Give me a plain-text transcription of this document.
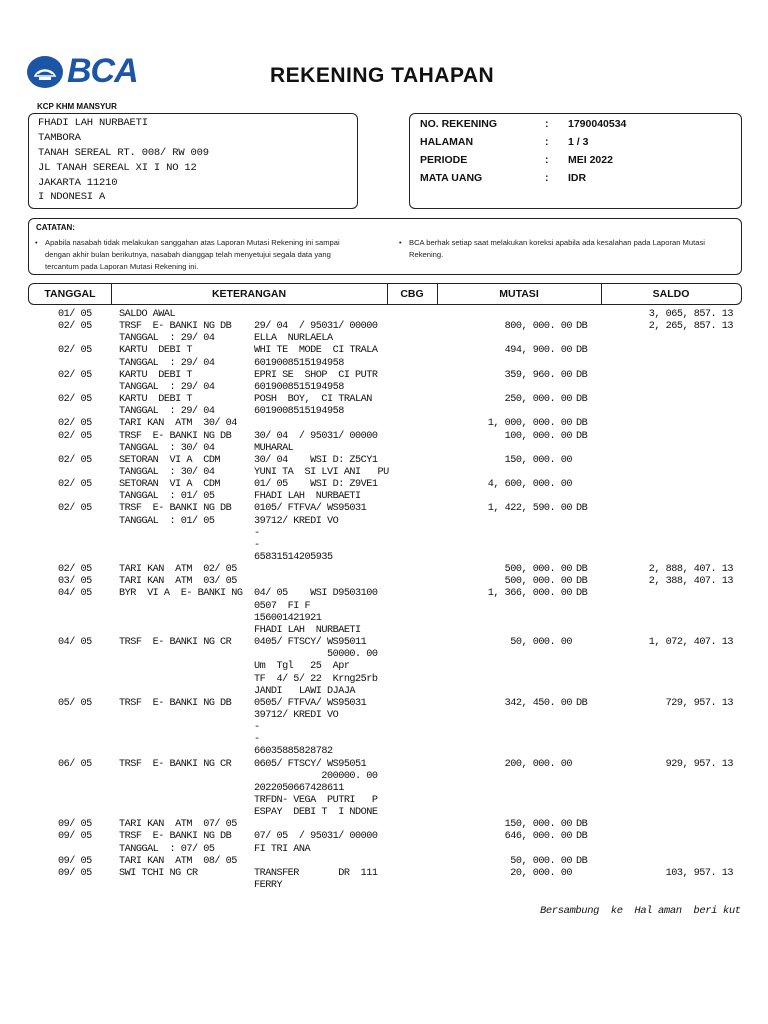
BCA	REKENING TAHAPAN
KCP KHM MANSYUR
FHADI LAH NURBAETI
TAMBORA
TANAH SEREAL RT. 008/ RW 009
JL TANAH SEREAL XI I NO 12
JAKARTA 11210
I NDONESI A
NO. REKENING	: 1790040534
HALAMAN	: 1 / 3
PERIODE	: MEI 2022
MATA UANG	: IDR
CATATAN:
• Apabila nasabah tidak melakukan sanggahan atas Laporan Mutasi Rekening ini sampai
dengan akhir bulan berikutnya, nasabah dianggap telah menyetujui segala data yang
tercantum pada Laporan Mutasi Rekening ini.
• BCA berhak setiap saat melakukan koreksi apabila ada kesalahan pada Laporan Mutasi
Rekening.
TANGGAL	KETERANGAN	CBG	MUTASI	SALDO
01/ 05	SALDO AWAL	3, 065, 857. 13
02/ 05	TRSF  E- BANKI NG DB
TANGGAL  : 29/ 04
29/ 04  / 95031/ 00000
ELLA  NURLAELA
800, 000. 00 DB	2, 265, 857. 13
02/ 05	KARTU  DEBI T
TANGGAL  : 29/ 04
WHI TE  MODE  CI TRALA
6019008515194958
494, 900. 00 DB
02/ 05	KARTU  DEBI T
TANGGAL  : 29/ 04
EPRI SE  SHOP  CI PUTR
6019008515194958
359, 960. 00 DB
02/ 05	KARTU  DEBI T
TANGGAL  : 29/ 04
POSH  BOY,  CI TRALAN
6019008515194958
250, 000. 00 DB
02/ 05	TARI KAN  ATM  30/ 04	1, 000, 000. 00 DB
02/ 05	TRSF  E- BANKI NG DB
TANGGAL  : 30/ 04
30/ 04  / 95031/ 00000
MUHARAL
100, 000. 00 DB
02/ 05	SETORAN  VI A  CDM
TANGGAL  : 30/ 04
30/ 04    WSI D: Z5CY1
YUNI TA  SI LVI ANI   PU
150, 000. 00
02/ 05	SETORAN  VI A  CDM
TANGGAL  : 01/ 05
01/ 05    WSI D: Z9VE1
FHADI LAH  NURBAETI
4, 600, 000. 00
02/ 05	TRSF  E- BANKI NG DB
TANGGAL  : 01/ 05
0105/ FTFVA/ WS95031
39712/ KREDI VO
-
-
65831514205935
1, 422, 590. 00 DB
02/ 05	TARI KAN  ATM  02/ 05	500, 000. 00 DB	2, 888, 407. 13
03/ 05	TARI KAN  ATM  03/ 05	500, 000. 00 DB	2, 388, 407. 13
04/ 05	BYR  VI A  E- BANKI NG 04/ 05    WSI D9503100
0507  FI F
156001421921
FHADI LAH  NURBAETI
1, 366, 000. 00 DB
04/ 05	TRSF  E- BANKI NG CR 0405/ FTSCY/ WS95011
50000. 00
Um  Tgl   25  Apr
TF  4/ 5/ 22  Krng25rb
JANDI   LAWI DJAJA
50, 000. 00	1, 072, 407. 13
05/ 05	TRSF  E- BANKI NG DB 0505/ FTFVA/ WS95031
39712/ KREDI VO
-
-
66035885828782
342, 450. 00 DB	729, 957. 13
06/ 05	TRSF  E- BANKI NG CR 0605/ FTSCY/ WS95051
200000. 00
2022050667428611
TRFDN- VEGA  PUTRI   P
ESPAY  DEBI T  I NDONE
200, 000. 00	929, 957. 13
09/ 05	TARI KAN  ATM  07/ 05	150, 000. 00 DB
09/ 05	TRSF  E- BANKI NG DB
TANGGAL  : 07/ 05
07/ 05  / 95031/ 00000
FI TRI ANA
646, 000. 00 DB
09/ 05	TARI KAN  ATM  08/ 05	50, 000. 00 DB
09/ 05	SWI TCHI NG CR	TRANSFER       DR  111
FERRY
20, 000. 00	103, 957. 13
Bersambung  ke  Hal aman  beri kut
